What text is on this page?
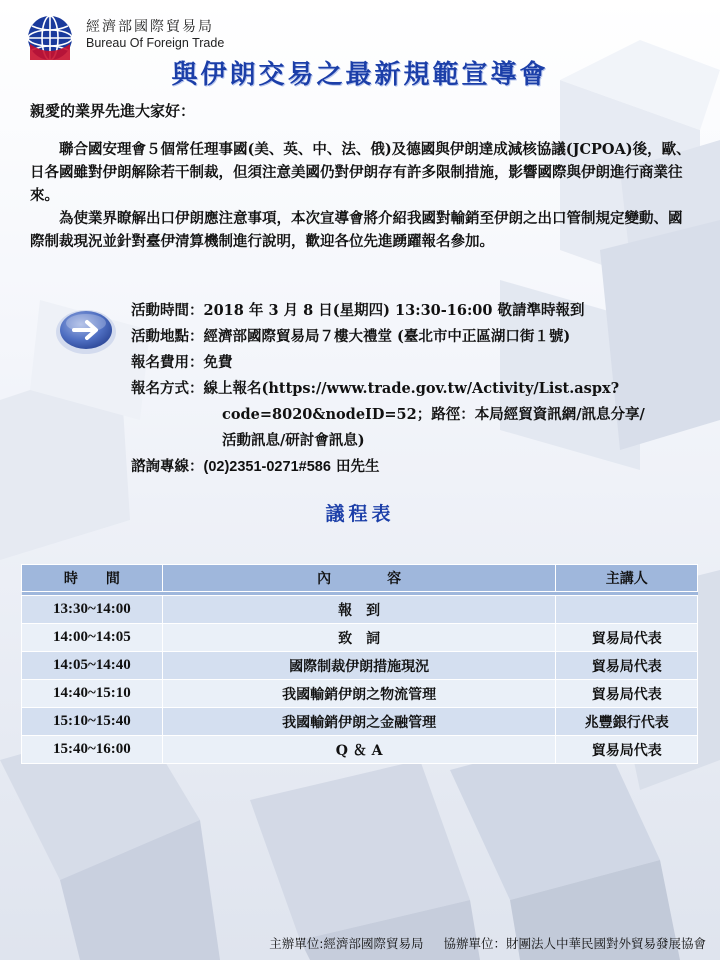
經濟部國際貿易局
Bureau Of Foreign Trade
與伊朗交易之最新規範宣導會
親愛的業界先進大家好：
聯合國安理會５個常任理事國(美、英、中、法、俄)及德國與伊朗達成減核協議(JCPOA)後，歐、日各國雖對伊朗解除若干制裁，但須注意美國仍對伊朗存有許多限制措施，影響國際與伊朗進行商業往來。
為使業界瞭解出口伊朗應注意事項，本次宣導會將介紹我國對輸銷至伊朗之出口管制規定變動、國際制裁現況並針對臺伊清算機制進行說明，歡迎各位先進踴躍報名參加。
活動時間： 2018 年 3 月 8 日(星期四) 13:30-16:00 敬請準時報到
活動地點： 經濟部國際貿易局７樓大禮堂 (臺北市中正區湖口街１號)
報名費用： 免費
報名方式： 線上報名(https://www.trade.gov.tw/Activity/List.aspx?
code=8020&nodeID=52；路徑：本局經貿資訊網/訊息分享/
活動訊息/研討會訊息)
諮詢專線： (02)2351-0271#586 田先生
議程表
時　　間	內　　　　容	主講人

13:30~14:00	報　到	
14:00~14:05	致　詞	貿易局代表
14:05~14:40	國際制裁伊朗措施現況	貿易局代表
14:40~15:10	我國輸銷伊朗之物流管理	貿易局代表
15:10~15:40	我國輸銷伊朗之金融管理	兆豐銀行代表
15:40~16:00	Q ＆ A	貿易局代表
主辦單位:經濟部國際貿易局 協辦單位：財團法人中華民國對外貿易發展協會
